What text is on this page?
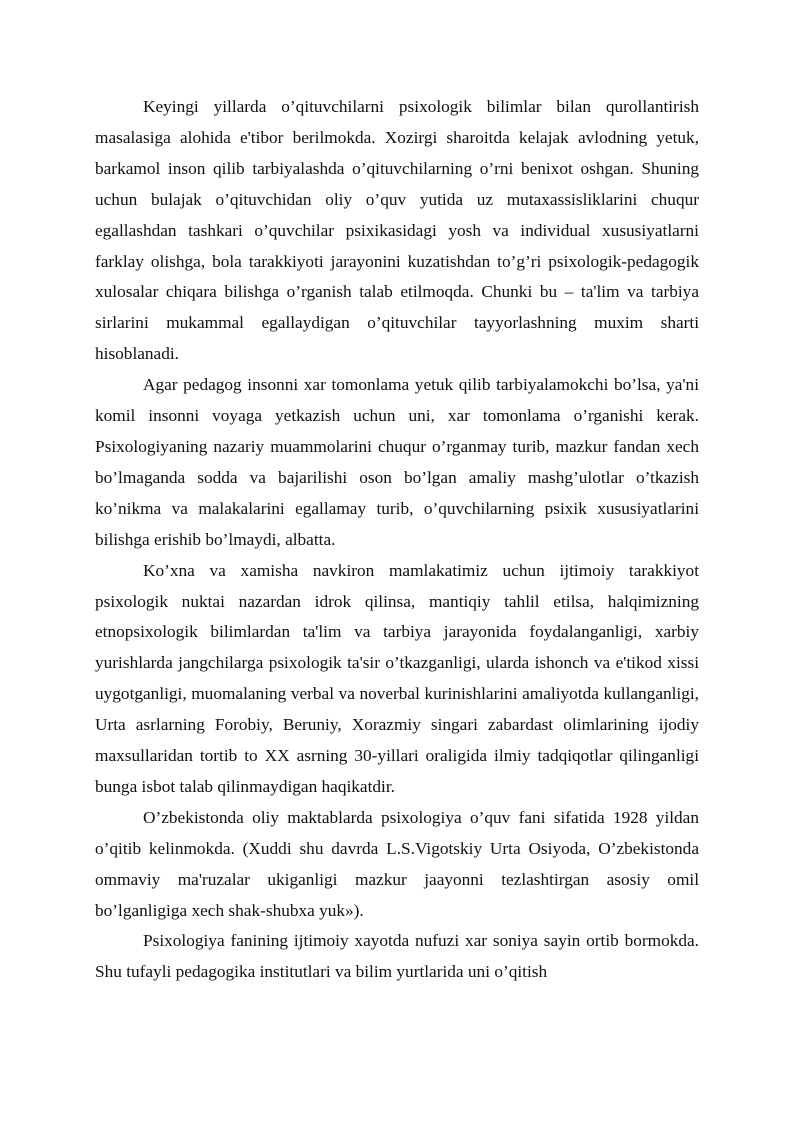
Keyingi yillarda o’qituvchilarni psixologik bilimlar bilan qurollantirish masalasiga alohida e'tibor berilmokda. Xozirgi sharoitda kelajak avlodning yetuk, barkamol inson qilib tarbiyalashda o’qituvchilarning o’rni benixot oshgan. Shuning uchun bulajak o’qituvchidan oliy o’quv yutida uz mutaxassisliklarini chuqur egallashdan tashkari o’quvchilar psixikasidagi yosh va individual xususiyatlarni farklay olishga, bola tarakkiyoti jarayonini kuzatishdan to’g’ri psixologik-pedagogik xulosalar chiqara bilishga o’rganish talab etilmoqda. Chunki bu – ta'lim va tarbiya sirlarini mukammal egallaydigan o’qituvchilar tayyorlashning muxim sharti hisoblanadi.

Agar pedagog insonni xar tomonlama yetuk qilib tarbiyalamokchi bo’lsa, ya'ni komil insonni voyaga yetkazish uchun uni, xar tomonlama o’rganishi kerak. Psixologiyaning nazariy muammolarini chuqur o’rganmay turib, mazkur fandan xech bo’lmaganda sodda va bajarilishi oson bo’lgan amaliy mashg’ulotlar o’tkazish ko’nikma va malakalarini egallamay turib, o’quvchilarning psixik xususiyatlarini bilishga erishib bo’lmaydi, albatta.

Ko’xna va xamisha navkiron mamlakatimiz uchun ijtimoiy tarakkiyot psixologik nuktai nazardan idrok qilinsa, mantiqiy tahlil etilsa, halqimizning etnopsixologik bilimlardan ta'lim va tarbiya jarayonida foydalanganligi, xarbiy yurishlarda jangchilarga psixologik ta'sir o’tkazganligi, ularda ishonch va e'tikod xissi uygotganligi, muomalaning verbal va noverbal kurinishlarini amaliyotda kullanganligi, Urta asrlarning Forobiy, Beruniy, Xorazmiy singari zabardast olimlarining ijodiy maxsullaridan tortib to XX asrning 30-yillari oraligida ilmiy tadqiqotlar qilinganligi bunga isbot talab qilinmaydigan haqikatdir.

O’zbekistonda oliy maktablarda psixologiya o’quv fani sifatida 1928 yildan o’qitib kelinmokda. (Xuddi shu davrda L.S.Vigotskiy Urta Osiyoda, O’zbekistonda ommaviy ma'ruzalar ukiganligi mazkur jaayonni tezlashtirgan asosiy omil bo’lganligiga xech shak-shubxa yuk»).

Psixologiya fanining ijtimoiy xayotda nufuzi xar soniya sayin ortib bormokda. Shu tufayli pedagogika institutlari va bilim yurtlarida uni o’qitish
